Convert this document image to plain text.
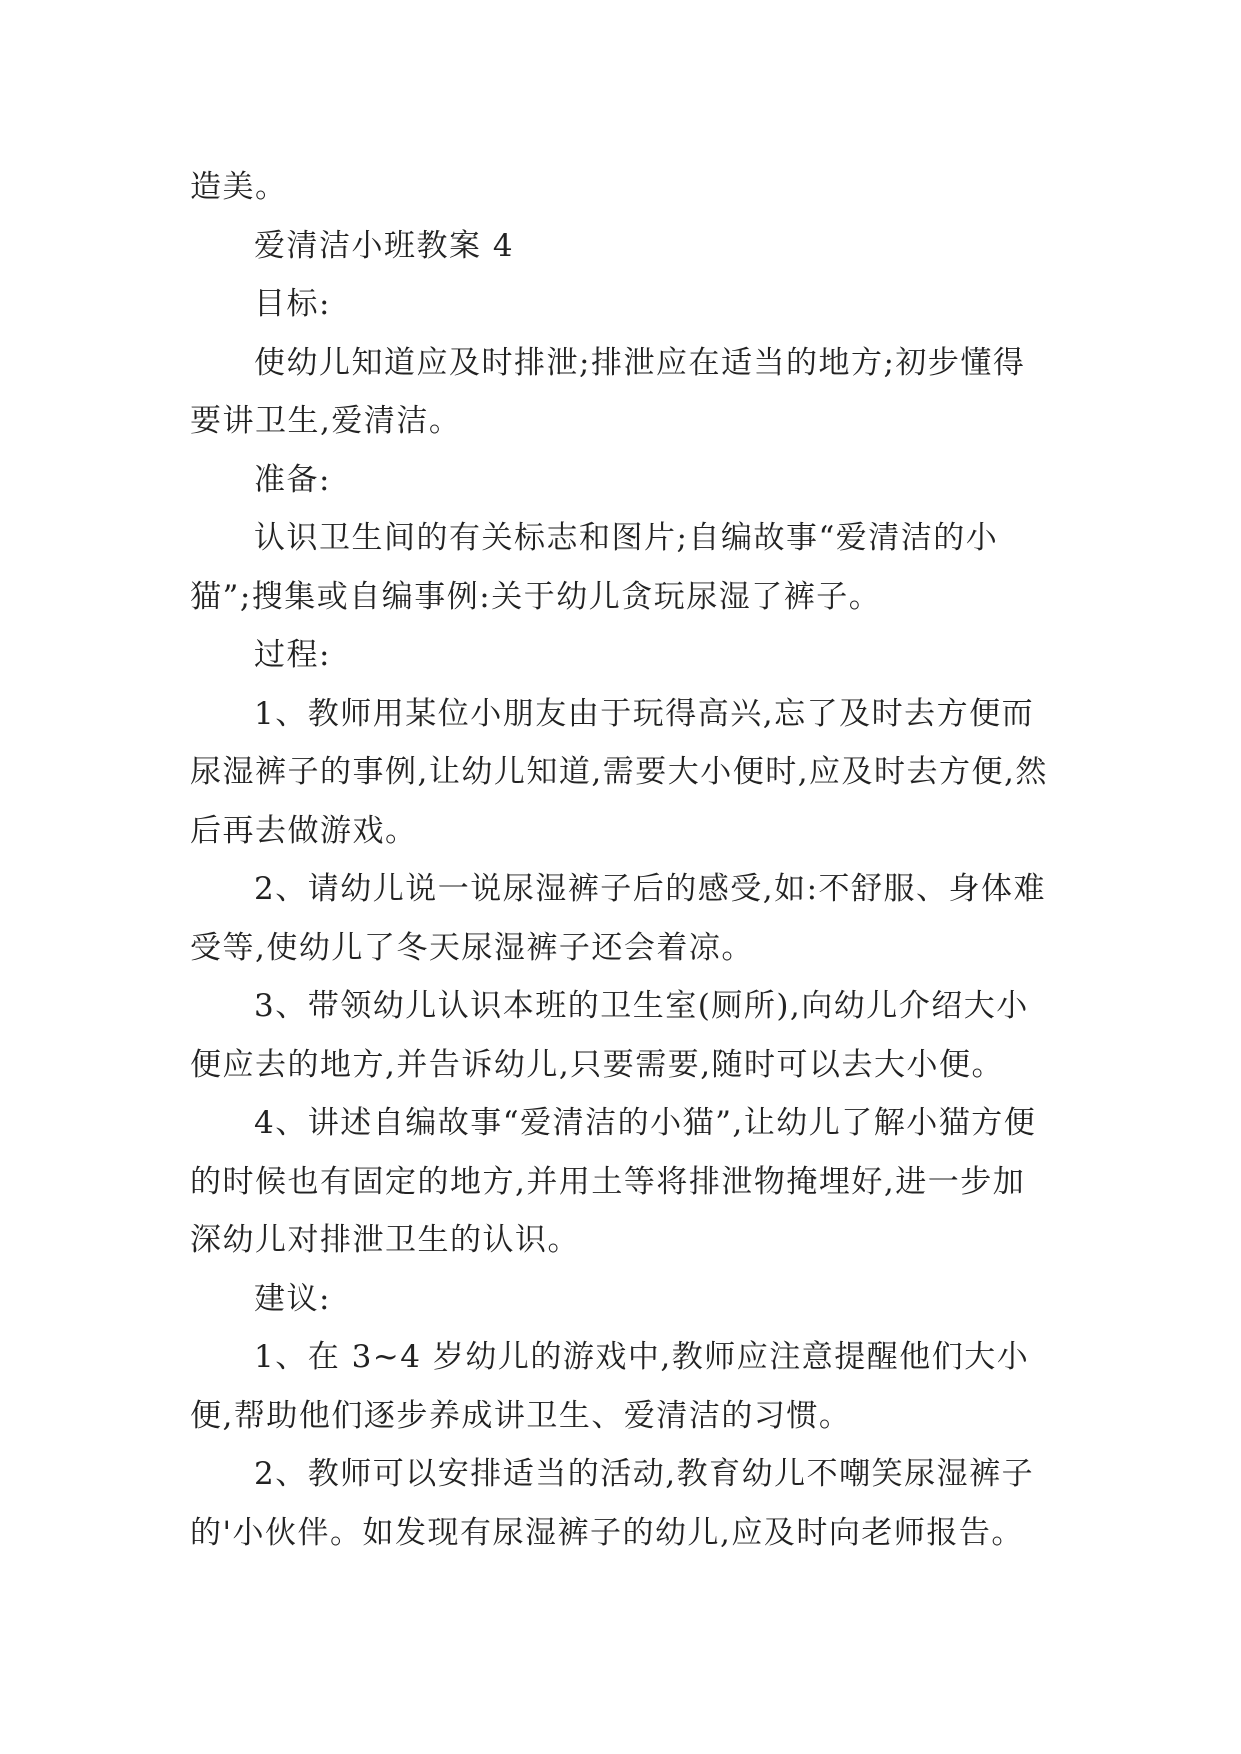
造美。

爱清洁小班教案 4

目标:

使幼儿知道应及时排泄;排泄应在适当的地方;初步懂得要讲卫生,爱清洁。

准备:

认识卫生间的有关标志和图片;自编故事“爱清洁的小猫”;搜集或自编事例:关于幼儿贪玩尿湿了裤子。

过程:

1、教师用某位小朋友由于玩得高兴,忘了及时去方便而尿湿裤子的事例,让幼儿知道,需要大小便时,应及时去方便,然后再去做游戏。

2、请幼儿说一说尿湿裤子后的感受,如:不舒服、身体难受等,使幼儿了冬天尿湿裤子还会着凉。

3、带领幼儿认识本班的卫生室(厕所),向幼儿介绍大小便应去的地方,并告诉幼儿,只要需要,随时可以去大小便。

4、讲述自编故事“爱清洁的小猫”,让幼儿了解小猫方便的时候也有固定的地方,并用土等将排泄物掩埋好,进一步加深幼儿对排泄卫生的认识。

建议:

1、在 3~4 岁幼儿的游戏中,教师应注意提醒他们大小便,帮助他们逐步养成讲卫生、爱清洁的习惯。

2、教师可以安排适当的活动,教育幼儿不嘲笑尿湿裤子的'小伙伴。如发现有尿湿裤子的幼儿,应及时向老师报告。
